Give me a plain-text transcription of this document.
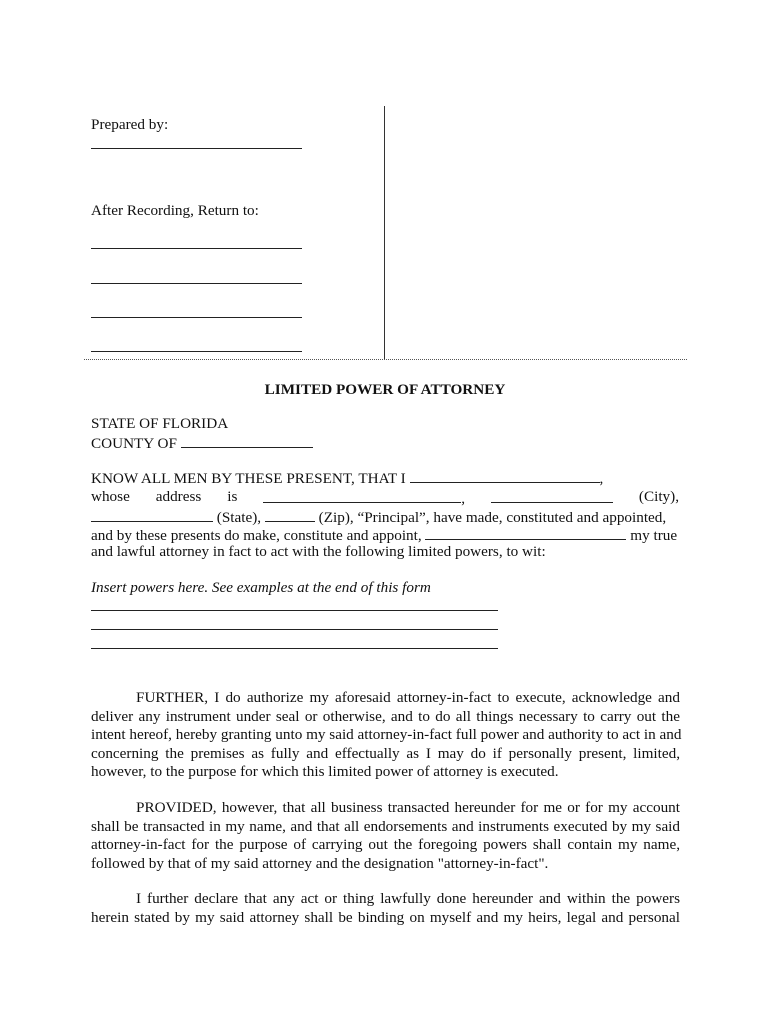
Prepared by:
After Recording, Return to:
LIMITED POWER OF ATTORNEY
STATE OF FLORIDA
COUNTY OF
KNOW ALL MEN BY THESE PRESENT, THAT I	,
whose address is	,	(City),
(State),	(Zip), “Principal”, have made, constituted and appointed,
and by these presents do make, constitute and appoint,	my true
and lawful attorney in fact to act with the following limited powers, to wit:
Insert powers here. See examples at the end of this form
FURTHER, I do authorize my aforesaid attorney-in-fact to execute, acknowledge and
deliver any instrument under seal or otherwise, and to do all things necessary to carry out the
intent hereof, hereby granting unto my said attorney-in-fact full power and authority to act in and
concerning the premises as fully and effectually as I may do if personally present, limited,
however, to the purpose for which this limited power of attorney is executed.
PROVIDED, however, that all business transacted hereunder for me or for my account
shall be transacted in my name, and that all endorsements and instruments executed by my said
attorney-in-fact for the purpose of carrying out the foregoing powers shall contain my name,
followed by that of my said attorney and the designation "attorney-in-fact".
I further declare that any act or thing lawfully done hereunder and within the powers
herein stated by my said attorney shall be binding on myself and my heirs, legal and personal
